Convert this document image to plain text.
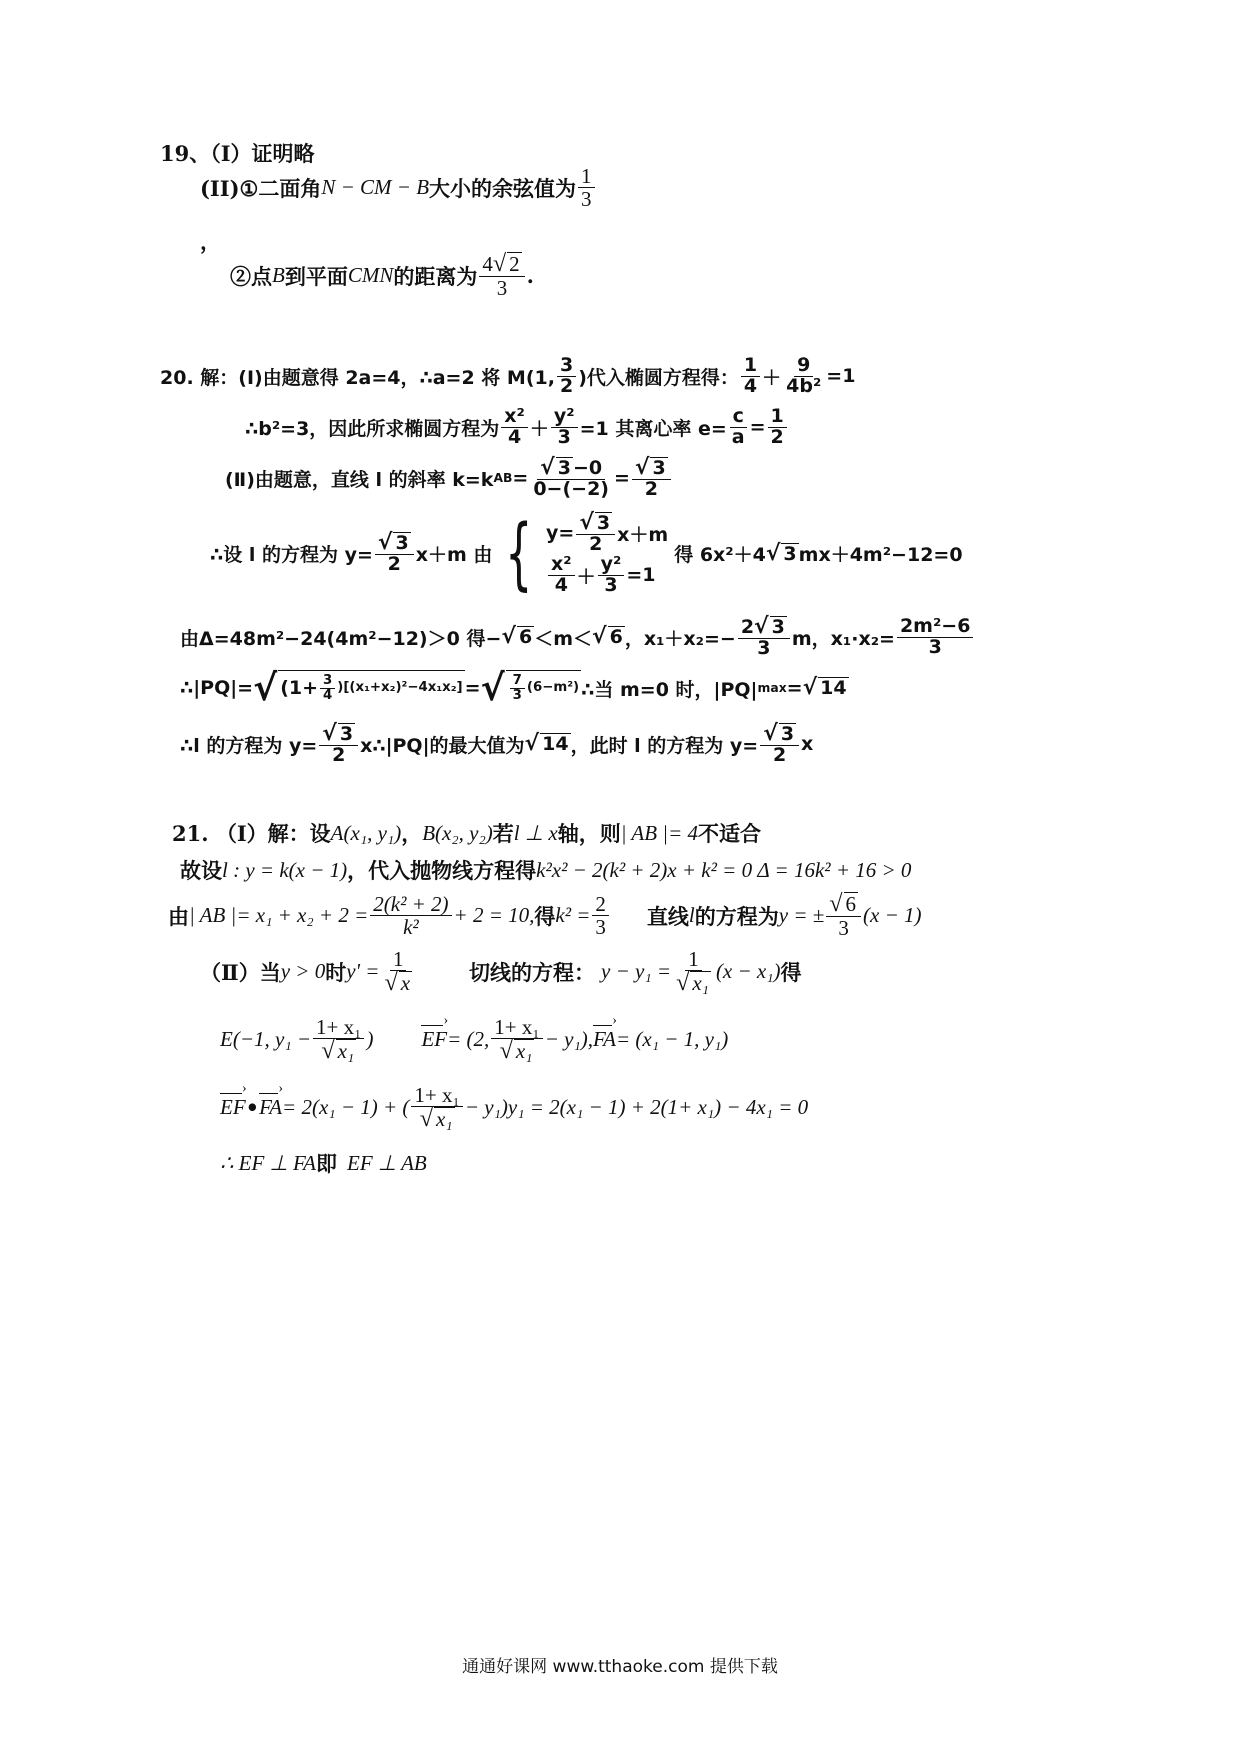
19、（Ⅰ）证明略
(II)①二面角 N − CM − B 大小的余弦值为 $\frac{1}{3}$
，
②点 B 到平面 CMN 的距离为 $\frac{4 √ 2}{3}$ .
20. 解：(Ⅰ)由题意得 2a=4，∴a=2 将 M(1, $\frac{3}{2}$ )代入椭圆方程得： $\frac{1}{4} + \frac{9}{\text{4b²}} =1$
∴b²=3，因此所求椭圆方程为 $\frac{\text{x²}}{4} + \frac{\text{y²}}{3} =1$ 其离心率 $e= \frac{c}{a} = \frac{1}{2}$
(Ⅱ)由题意，直线 l 的斜率 k=k AB = $\frac{√ 3 -0}{0-(-2)} = \frac{√ 3}{2}$
∴设 l 的方程为 $y= \frac{√ 3}{2} x+m$ 由 { $y= \frac{√ 3}{2} x+m$
$\frac{\text{x²}}{4} + \frac{\text{y²}}{3} =1$
得 6x²＋4 √ 3 mx＋4m²−12=0
由Δ=48m²−24(4m²−12)＞0 得− √ 6 ＜m＜ √ 6 ，$x_1+x_2=- \frac{2 √ 3}{3}$ m，$x_1\cdot x_2= \frac{\text{2m²−6}}{3}$
∴|PQ|= √ $(1+ \frac{3}{4} )[(x_1+x_2)^2-4x_1x_2]$ = √ $\frac{7}{3} (6-m^2)$ ∴当 m=0 时，|PQ| max = √ 14
∴l 的方程为 $y= \frac{√ 3}{2}$ x∴|PQ|的最大值为 √ 14 ，此时 l 的方程为 $y= \frac{√ 3}{2}$ x
21. （Ⅰ）解：设 A(x₁, y₁) ， B(x₂, y₂) 若 l ⊥ x 轴，则 | AB |= 4 不适合
故设 l : y = k(x − 1) ，代入抛物线方程得 k²x² − 2(k² + 2)x + k² = 0 Δ = 16k² + 16 > 0
由 | AB |= $x_1 + x_2 + 2 = \frac{\text{2(k² + 2)}}{\text{k²}} + 2 = 10$, 得 $k^2 = \frac{2}{3}$ 直线 l 的方程为 y = ± $\frac{√ 6}{3} (x - 1)$
（Ⅱ）当 y > 0 时 $y' = \frac{1}{√ x}$	切线的方程： $y - y_1 = \frac{1}{\text{√ x₁}} (x - x_1)$ 得
E(−1, $y_1 - \frac{\text{1+ x₁}}{\text{√ x₁}}$ ) EF › = (2, $\frac{\text{1+ x₁}}{\text{√ x₁}} - y_1$), FA › = (x₁ − 1, y₁)
EF › • FA › = 2(x₁ − 1) + ( $\frac{\text{1+ x₁}}{\text{√ x₁}} - y_1)y_1 = 2(x_1 - 1) + 2(1+ x_1) - 4x_1 = 0$
∴ EF ⊥ FA 即 EF ⊥ AB
通通好课网 www.tthaoke.com 提供下载
